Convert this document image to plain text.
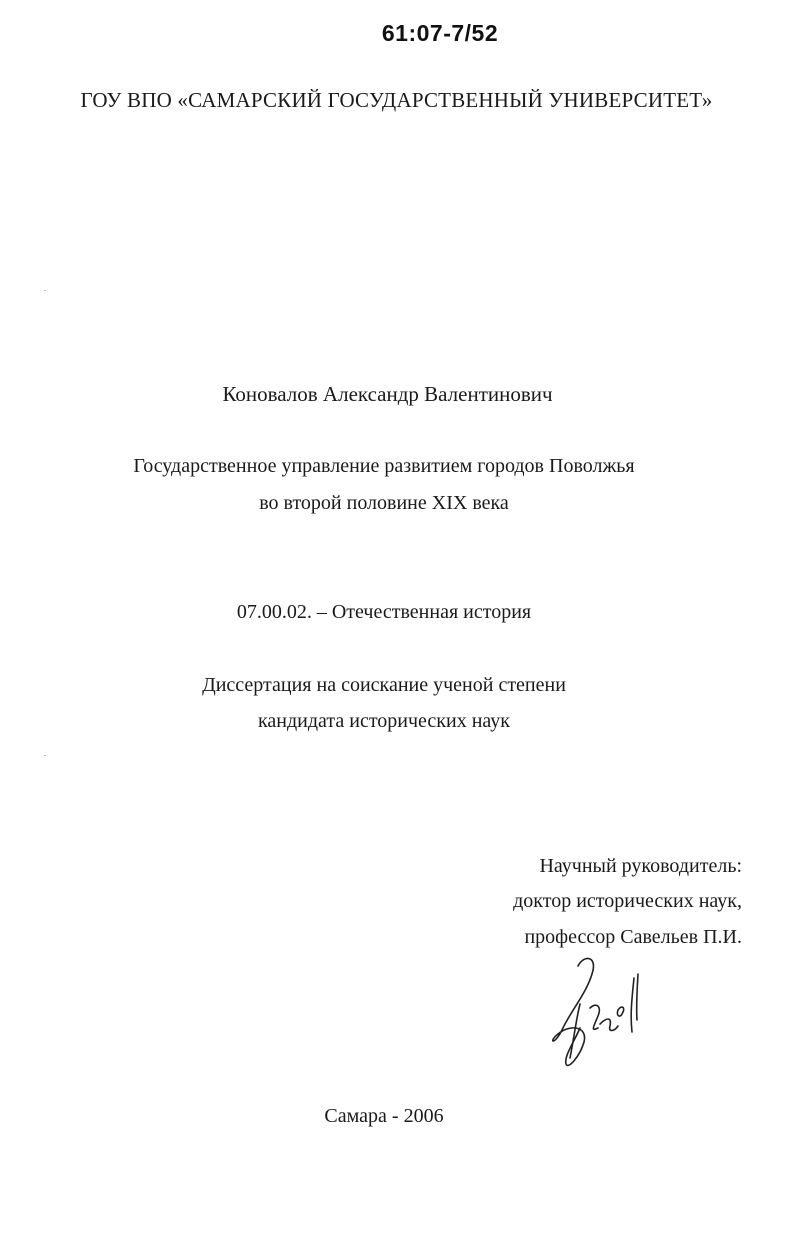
61:07-7/52
ГОУ ВПО «САМАРСКИЙ ГОСУДАРСТВЕННЫЙ УНИВЕРСИТЕТ»
Коновалов Александр Валентинович
Государственное управление развитием городов Поволжья
во второй половине XIX века
07.00.02. – Отечественная история
Диссертация на соискание ученой степени
кандидата исторических наук
Научный руководитель:
доктор исторических наук,
профессор Савельев П.И.
Самара - 2006
